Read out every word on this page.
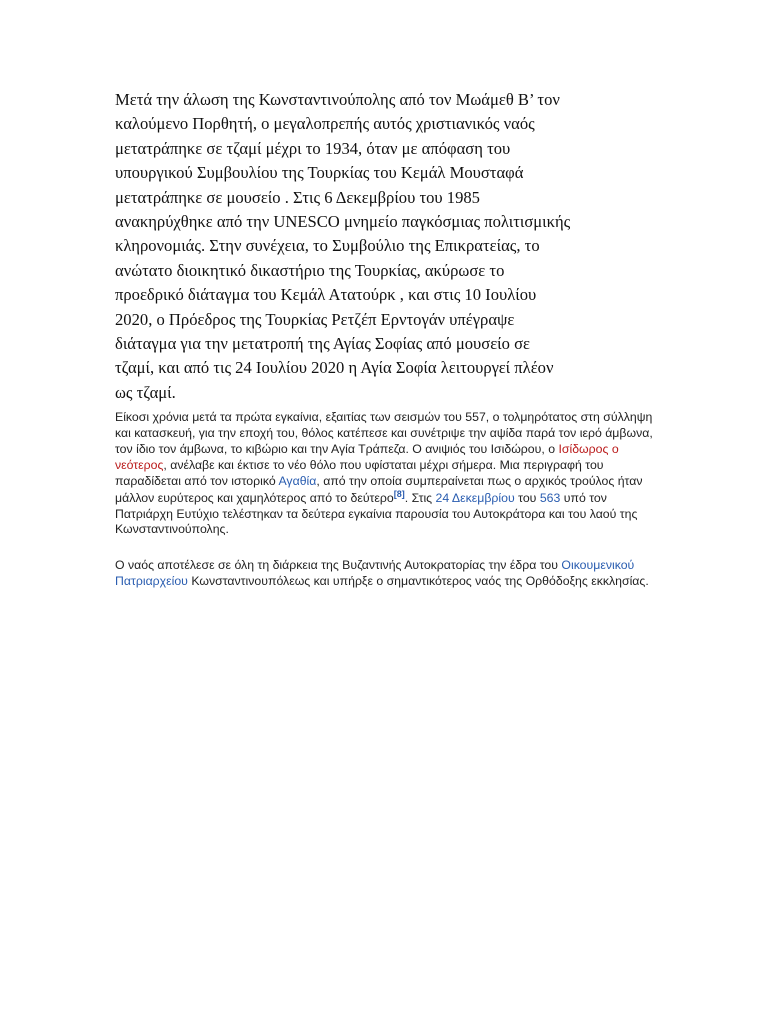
Μετά την άλωση της Κωνσταντινούπολης από τον Μωάμεθ Β’ τον
καλούμενο Πορθητή, ο μεγαλοπρεπής αυτός χριστιανικός ναός
μετατράπηκε σε τζαμί μέχρι το 1934, όταν με απόφαση του
υπουργικού Συμβουλίου της Τουρκίας του Κεμάλ Μουσταφά
μετατράπηκε σε μουσείο . Στις 6 Δεκεμβρίου του 1985
ανακηρύχθηκε από την UNESCO μνημείο παγκόσμιας πολιτισμικής
κληρονομιάς. Στην συνέχεια, το Συμβούλιο της Επικρατείας, το
ανώτατο διοικητικό δικαστήριο της Τουρκίας, ακύρωσε το
προεδρικό διάταγμα του Κεμάλ Ατατούρκ , και στις 10 Ιουλίου
2020, ο Πρόεδρος της Τουρκίας Ρετζέπ Ερντογάν υπέγραψε
διάταγμα για την μετατροπή της Αγίας Σοφίας από μουσείο σε
τζαμί, και από τις 24 Ιουλίου 2020 η Αγία Σοφία λειτουργεί πλέον
ως τζαμί.

Είκοσι χρόνια μετά τα πρώτα εγκαίνια, εξαιτίας των σεισμών του 557, ο τολμηρότατος στη σύλληψη και κατασκευή, για την εποχή του, θόλος κατέπεσε και συνέτριψε την αψίδα παρά τον ιερό άμβωνα, τον ίδιο τον άμβωνα, το κιβώριο και την Αγία Τράπεζα. Ο ανιψιός του Ισιδώρου, ο Ισίδωρος ο νεότερος, ανέλαβε και έκτισε το νέο θόλο που υφίσταται μέχρι σήμερα. Μια περιγραφή του παραδίδεται από τον ιστορικό Αγαθία, από την οποία συμπεραίνεται πως ο αρχικός τρούλος ήταν μάλλον ευρύτερος και χαμηλότερος από το δεύτερο[8]. Στις 24 Δεκεμβρίου του 563 υπό τον Πατριάρχη Ευτύχιο τελέστηκαν τα δεύτερα εγκαίνια παρουσία του Αυτοκράτορα και του λαού της Κωνσταντινούπολης.

Ο ναός αποτέλεσε σε όλη τη διάρκεια της Βυζαντινής Αυτοκρατορίας την έδρα του Οικουμενικού Πατριαρχείου Κωνσταντινουπόλεως και υπήρξε ο σημαντικότερος ναός της Ορθόδοξης εκκλησίας.
